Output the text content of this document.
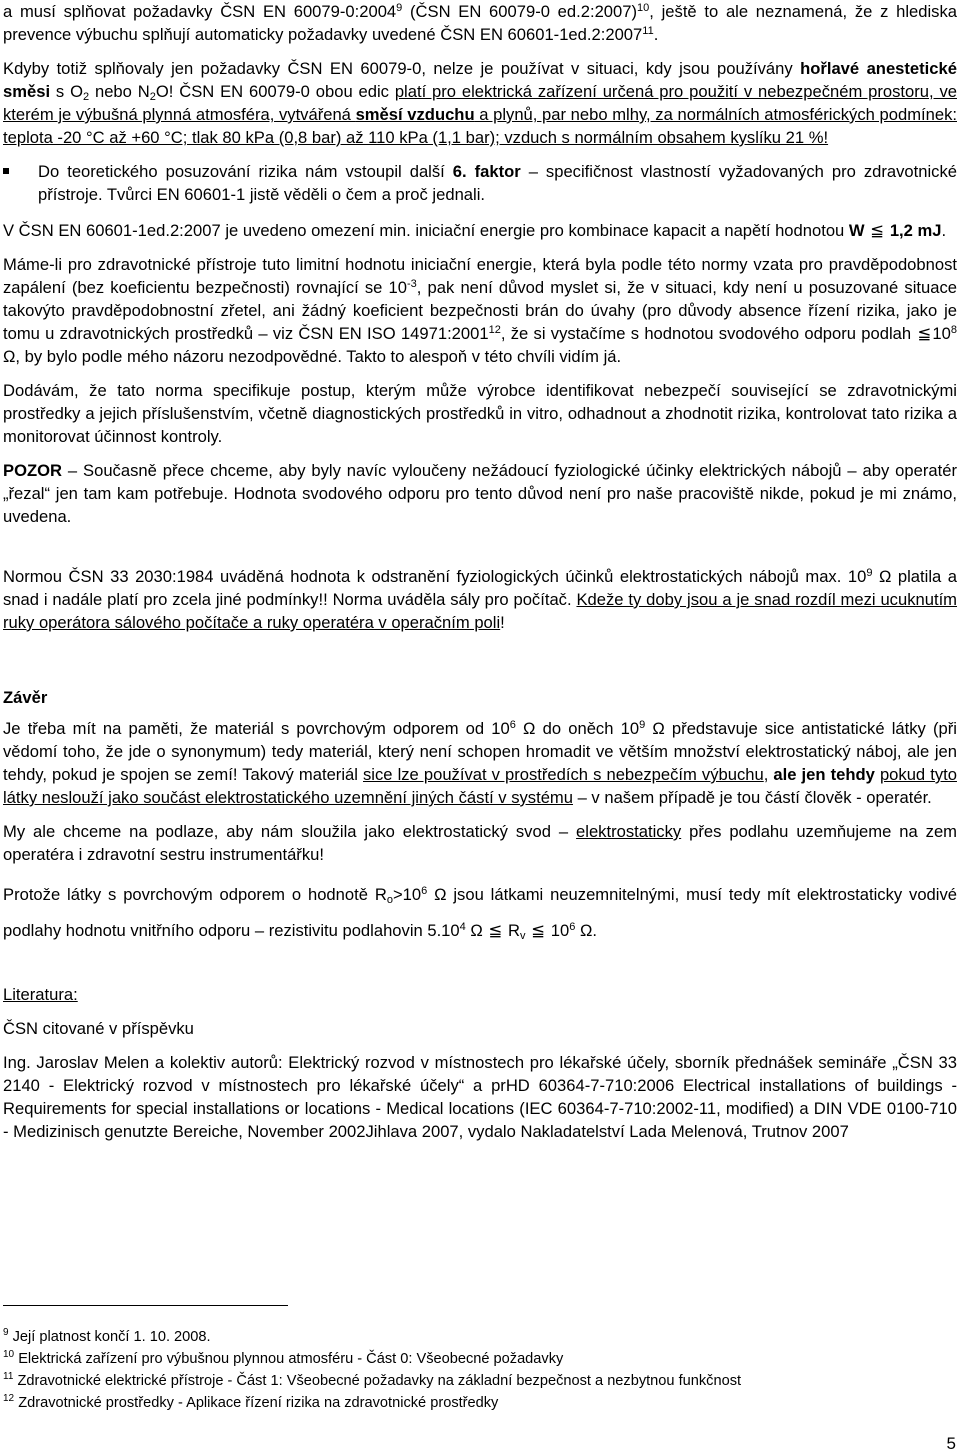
a musí splňovat požadavky ČSN EN 60079-0:2004$^9$ (ČSN EN 60079-0 ed.2:2007)$^{10}$, ještě to ale neznamená, že z hlediska prevence výbuchu splňují automaticky požadavky uvedené ČSN EN 60601-1ed.2:2007$^{11}$.

Kdyby totiž splňovaly jen požadavky ČSN EN 60079-0, nelze je používat v situaci, kdy jsou používány hořlavé anestetické směsi s $O_2$ nebo $N_2O$! ČSN EN 60079-0 obou edic platí pro elektrická zařízení určená pro použití v nebezpečném prostoru, ve kterém je výbušná plynná atmosféra, vytvářená směsí vzduchu a plynů, par nebo mlhy, za normálních atmosférických podmínek: teplota -20 °C až +60 °C; tlak 80 kPa (0,8 bar) až 110 kPa (1,1 bar); vzduch s normálním obsahem kyslíku 21 %!

Do teoretického posuzování rizika nám vstoupil další 6. faktor – specifičnost vlastností vyžadovaných pro zdravotnické přístroje. Tvůrci EN 60601-1 jistě věděli o čem a proč jednali.

V ČSN EN 60601-1ed.2:2007 je uvedeno omezení min. iniciační energie pro kombinace kapacit a napětí hodnotou W ≦ 1,2 mJ.

Máme-li pro zdravotnické přístroje tuto limitní hodnotu iniciační energie, která byla podle této normy vzata pro pravděpodobnost zapálení (bez koeficientu bezpečnosti) rovnající se $10^{-3}$, pak není důvod myslet si, že v situaci, kdy není u posuzované situace takovýto pravděpodobnostní zřetel, ani žádný koeficient bezpečnosti brán do úvahy (pro důvody absence řízení rizika, jako je tomu u zdravotnických prostředků – viz ČSN EN ISO 14971:2001$^{12}$, že si vystačíme s hodnotou svodového odporu podlah $≦10^8$ Ω, by bylo podle mého názoru nezodpovědné. Takto to alespoň v této chvíli vidím já.

Dodávám, že tato norma specifikuje postup, kterým může výrobce identifikovat nebezpečí související se zdravotnickými prostředky a jejich příslušenstvím, včetně diagnostických prostředků in vitro, odhadnout a zhodnotit rizika, kontrolovat tato rizika a monitorovat účinnost kontroly.

POZOR – Současně přece chceme, aby byly navíc vyloučeny nežádoucí fyziologické účinky elektrických nábojů – aby operatér „řezal“ jen tam kam potřebuje. Hodnota svodového odporu pro tento důvod není pro naše pracoviště nikde, pokud je mi známo, uvedena.

Normou ČSN 33 2030:1984 uváděná hodnota k odstranění fyziologických účinků elektrostatických nábojů max. $10^9$ Ω platila a snad i nadále platí pro zcela jiné podmínky!! Norma uváděla sály pro počítač. Kdeže ty doby jsou a je snad rozdíl mezi ucuknutím ruky operátora sálového počítače a ruky operatéra v operačním poli!

Závěr

Je třeba mít na paměti, že materiál s povrchovým odporem od $10^6$ Ω do oněch $10^9$ Ω představuje sice antistatické látky (při vědomí toho, že jde o synonymum) tedy materiál, který není schopen hromadit ve větším množství elektrostatický náboj, ale jen tehdy, pokud je spojen se zemí! Takový materiál sice lze používat v prostředích s nebezpečím výbuchu, ale jen tehdy pokud tyto látky neslouží jako součást elektrostatického uzemnění jiných částí v systému – v našem případě je tou částí člověk - operatér.

My ale chceme na podlaze, aby nám sloužila jako elektrostatický svod – elektrostaticky přes podlahu uzemňujeme na zem operatéra i zdravotní sestru instrumentářku!

Protože látky s povrchovým odporem o hodnotě $R_o>10^6$ Ω jsou látkami neuzemnitelnými, musí tedy mít elektrostaticky vodivé podlahy hodnotu vnitřního odporu – rezistivitu podlahovin 5.10$^4$ Ω ≦ $R_v$ ≦ $10^6$ Ω.

Literatura:

ČSN citované v příspěvku

Ing. Jaroslav Melen a kolektiv autorů: Elektrický rozvod v místnostech pro lékařské účely, sborník přednášek semináře „ČSN 33 2140 - Elektrický rozvod v místnostech pro lékařské účely“ a prHD 60364-7-710:2006 Electrical installations of buildings - Requirements for special installations or locations - Medical locations (IEC 60364-7-710:2002-11, modified) a DIN VDE 0100-710 - Medizinisch genutzte Bereiche, November 2002Jihlava 2007, vydalo Nakladatelství Lada Melenová, Trutnov 2007

$^9$ Její platnost končí 1. 10. 2008.
$^{10}$ Elektrická zařízení pro výbušnou plynnou atmosféru - Část 0: Všeobecné požadavky
$^{11}$ Zdravotnické elektrické přístroje - Část 1: Všeobecné požadavky na základní bezpečnost a nezbytnou funkčnost
$^{12}$ Zdravotnické prostředky - Aplikace řízení rizika na zdravotnické prostředky
5
